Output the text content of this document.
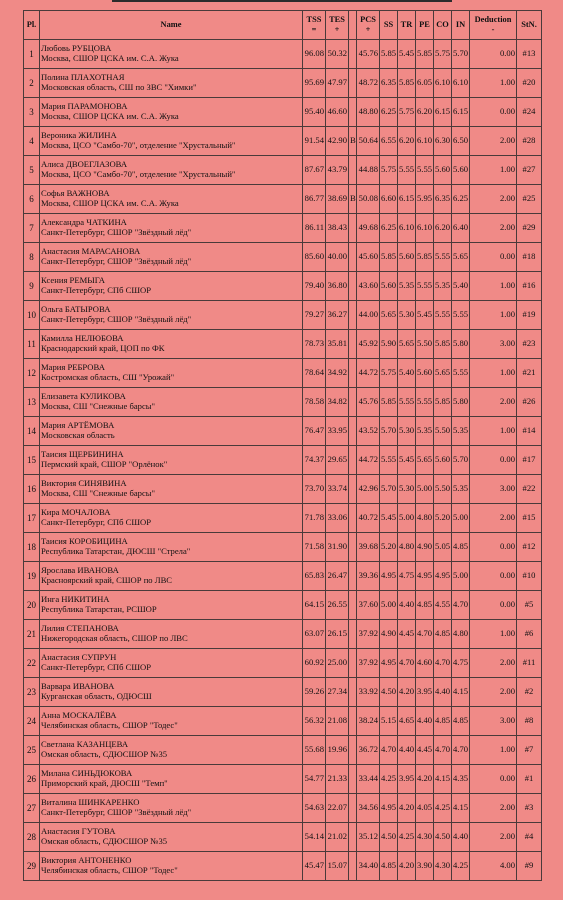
Pl.	Name	TSS
=	TES
+		PCS
+	SS	TR	PE	CO	IN	Deduction
-	StN.
1	Любовь РУБЦОВА
Москва, СШОР ЦСКА им. С.А. Жука	96.08	50.32		45.76	5.85	5.45	5.85	5.75	5.70	0.00	#13
2	Полина ПЛАХОТНАЯ
Московская область, СШ по ЗВС "Химки"	95.69	47.97		48.72	6.35	5.85	6.05	6.10	6.10	1.00	#20
3	Мария ПАРАМОНОВА
Москва, СШОР ЦСКА им. С.А. Жука	95.40	46.60		48.80	6.25	5.75	6.20	6.15	6.15	0.00	#24
4	Вероника ЖИЛИНА
Москва, ЦСО "Самбо-70", отделение "Хрустальный"	91.54	42.90	B	50.64	6.55	6.20	6.10	6.30	6.50	2.00	#28
5	Алиса ДВОЕГЛАЗОВА
Москва, ЦСО "Самбо-70", отделение "Хрустальный"	87.67	43.79		44.88	5.75	5.55	5.55	5.60	5.60	1.00	#27
6	Софья ВАЖНОВА
Москва, СШОР ЦСКА им. С.А. Жука	86.77	38.69	B	50.08	6.60	6.15	5.95	6.35	6.25	2.00	#25
7	Александра ЧАТКИНА
Санкт-Петербург, СШОР "Звёздный лёд"	86.11	38.43		49.68	6.25	6.10	6.10	6.20	6.40	2.00	#29
8	Анастасия МАРАСАНОВА
Санкт-Петербург, СШОР "Звёздный лёд"	85.60	40.00		45.60	5.85	5.60	5.85	5.55	5.65	0.00	#18
9	Ксения РЕМЫГА
Санкт-Петербург, СПб СШОР	79.40	36.80		43.60	5.60	5.35	5.55	5.35	5.40	1.00	#16
10	Ольга БАТЫРОВА
Санкт-Петербург, СШОР "Звёздный лёд"	79.27	36.27		44.00	5.65	5.30	5.45	5.55	5.55	1.00	#19
11	Камилла НЕЛЮБОВА
Краснодарский край, ЦОП по ФК	78.73	35.81		45.92	5.90	5.65	5.50	5.85	5.80	3.00	#23
12	Мария РЕБРОВА
Костромская область, СШ "Урожай"	78.64	34.92		44.72	5.75	5.40	5.60	5.65	5.55	1.00	#21
13	Елизавета КУЛИКОВА
Москва, СШ "Снежные барсы"	78.58	34.82		45.76	5.85	5.55	5.55	5.85	5.80	2.00	#26
14	Мария АРТЁМОВА
Московская область	76.47	33.95		43.52	5.70	5.30	5.35	5.50	5.35	1.00	#14
15	Таисия ЩЕРБИНИНА
Пермский край, СШОР "Орлёнок"	74.37	29.65		44.72	5.55	5.45	5.65	5.60	5.70	0.00	#17
16	Виктория СИНЯВИНА
Москва, СШ "Снежные барсы"	73.70	33.74		42.96	5.70	5.30	5.00	5.50	5.35	3.00	#22
17	Кира МОЧАЛОВА
Санкт-Петербург, СПб СШОР	71.78	33.06		40.72	5.45	5.00	4.80	5.20	5.00	2.00	#15
18	Таисия КОРОБИЦИНА
Республика Татарстан, ДЮСШ "Стрела"	71.58	31.90		39.68	5.20	4.80	4.90	5.05	4.85	0.00	#12
19	Ярослава ИВАНОВА
Красноярский край, СШОР по ЛВС	65.83	26.47		39.36	4.95	4.75	4.95	4.95	5.00	0.00	#10
20	Инга НИКИТИНА
Республика Татарстан, РСШОР	64.15	26.55		37.60	5.00	4.40	4.85	4.55	4.70	0.00	#5
21	Лилия СТЕПАНОВА
Нижегородская область, СШОР по ЛВС	63.07	26.15		37.92	4.90	4.45	4.70	4.85	4.80	1.00	#6
22	Анастасия СУПРУН
Санкт-Петербург, СПб СШОР	60.92	25.00		37.92	4.95	4.70	4.60	4.70	4.75	2.00	#11
23	Варвара ИВАНОВА
Курганская область, ОДЮСШ	59.26	27.34		33.92	4.50	4.20	3.95	4.40	4.15	2.00	#2
24	Анна МОСКАЛЁВА
Челябинская область, СШОР "Тодес"	56.32	21.08		38.24	5.15	4.65	4.40	4.85	4.85	3.00	#8
25	Светлана КАЗАНЦЕВА
Омская область, СДЮСШОР №35	55.68	19.96		36.72	4.70	4.40	4.45	4.70	4.70	1.00	#7
26	Милана СИНЬДЮКОВА
Приморский край, ДЮСШ "Темп"	54.77	21.33		33.44	4.25	3.95	4.20	4.15	4.35	0.00	#1
27	Виталина ШИНКАРЕНКО
Санкт-Петербург, СШОР "Звёздный лёд"	54.63	22.07		34.56	4.95	4.20	4.05	4.25	4.15	2.00	#3
28	Анастасия ГУТОВА
Омская область, СДЮСШОР №35	54.14	21.02		35.12	4.50	4.25	4.30	4.50	4.40	2.00	#4
29	Виктория АНТОНЕНКО
Челябинская область, СШОР "Тодес"	45.47	15.07		34.40	4.85	4.20	3.90	4.30	4.25	4.00	#9
